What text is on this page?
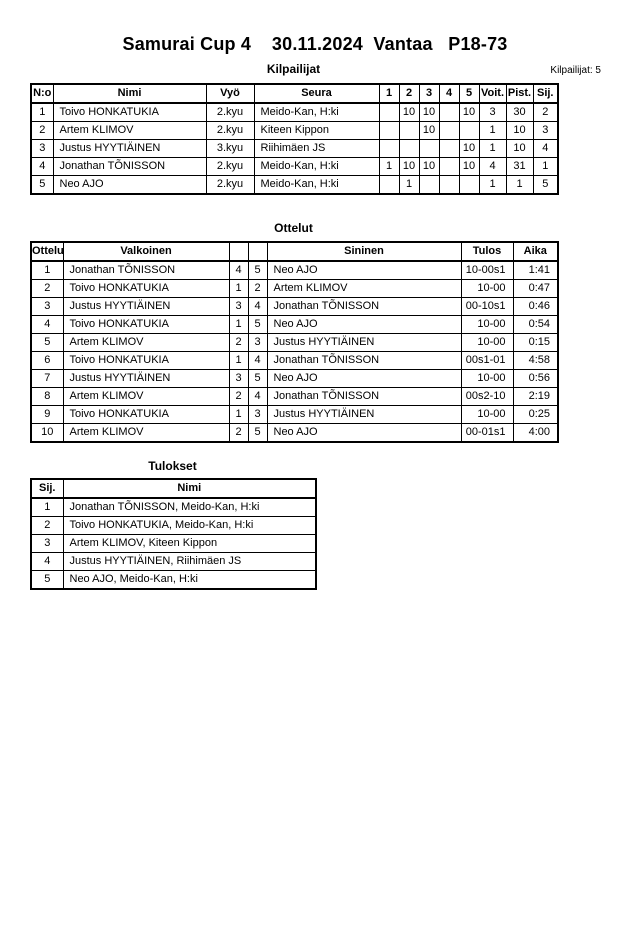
Samurai Cup 4    30.11.2024  Vantaa   P18-73
Kilpailijat	Kilpailijat: 5
N:o	Nimi	Vyö	Seura	1	2	3	4	5	Voit.	Pist.	Sij.
1	Toivo HONKATUKIA	2.kyu	Meido-Kan, H:ki		10	10		10	3	30	2
2	Artem KLIMOV	2.kyu	Kiteen Kippon			10			1	10	3
3	Justus HYYTIÄINEN	3.kyu	Riihimäen JS					10	1	10	4
4	Jonathan TÕNISSON	2.kyu	Meido-Kan, H:ki	1	10	10		10	4	31	1
5	Neo AJO	2.kyu	Meido-Kan, H:ki		1				1	1	5
Ottelut
Ottelu	Valkoinen			Sininen	Tulos	Aika
1	Jonathan TÕNISSON	4	5	Neo AJO	10-00s1	1:41
2	Toivo HONKATUKIA	1	2	Artem KLIMOV	10-00	0:47
3	Justus HYYTIÄINEN	3	4	Jonathan TÕNISSON	00-10s1	0:46
4	Toivo HONKATUKIA	1	5	Neo AJO	10-00	0:54
5	Artem KLIMOV	2	3	Justus HYYTIÄINEN	10-00	0:15
6	Toivo HONKATUKIA	1	4	Jonathan TÕNISSON	00s1-01	4:58
7	Justus HYYTIÄINEN	3	5	Neo AJO	10-00	0:56
8	Artem KLIMOV	2	4	Jonathan TÕNISSON	00s2-10	2:19
9	Toivo HONKATUKIA	1	3	Justus HYYTIÄINEN	10-00	0:25
10	Artem KLIMOV	2	5	Neo AJO	00-01s1	4:00
Tulokset
Sij.	Nimi
1	Jonathan TÕNISSON, Meido-Kan, H:ki
2	Toivo HONKATUKIA, Meido-Kan, H:ki
3	Artem KLIMOV, Kiteen Kippon
4	Justus HYYTIÄINEN, Riihimäen JS
5	Neo AJO, Meido-Kan, H:ki
